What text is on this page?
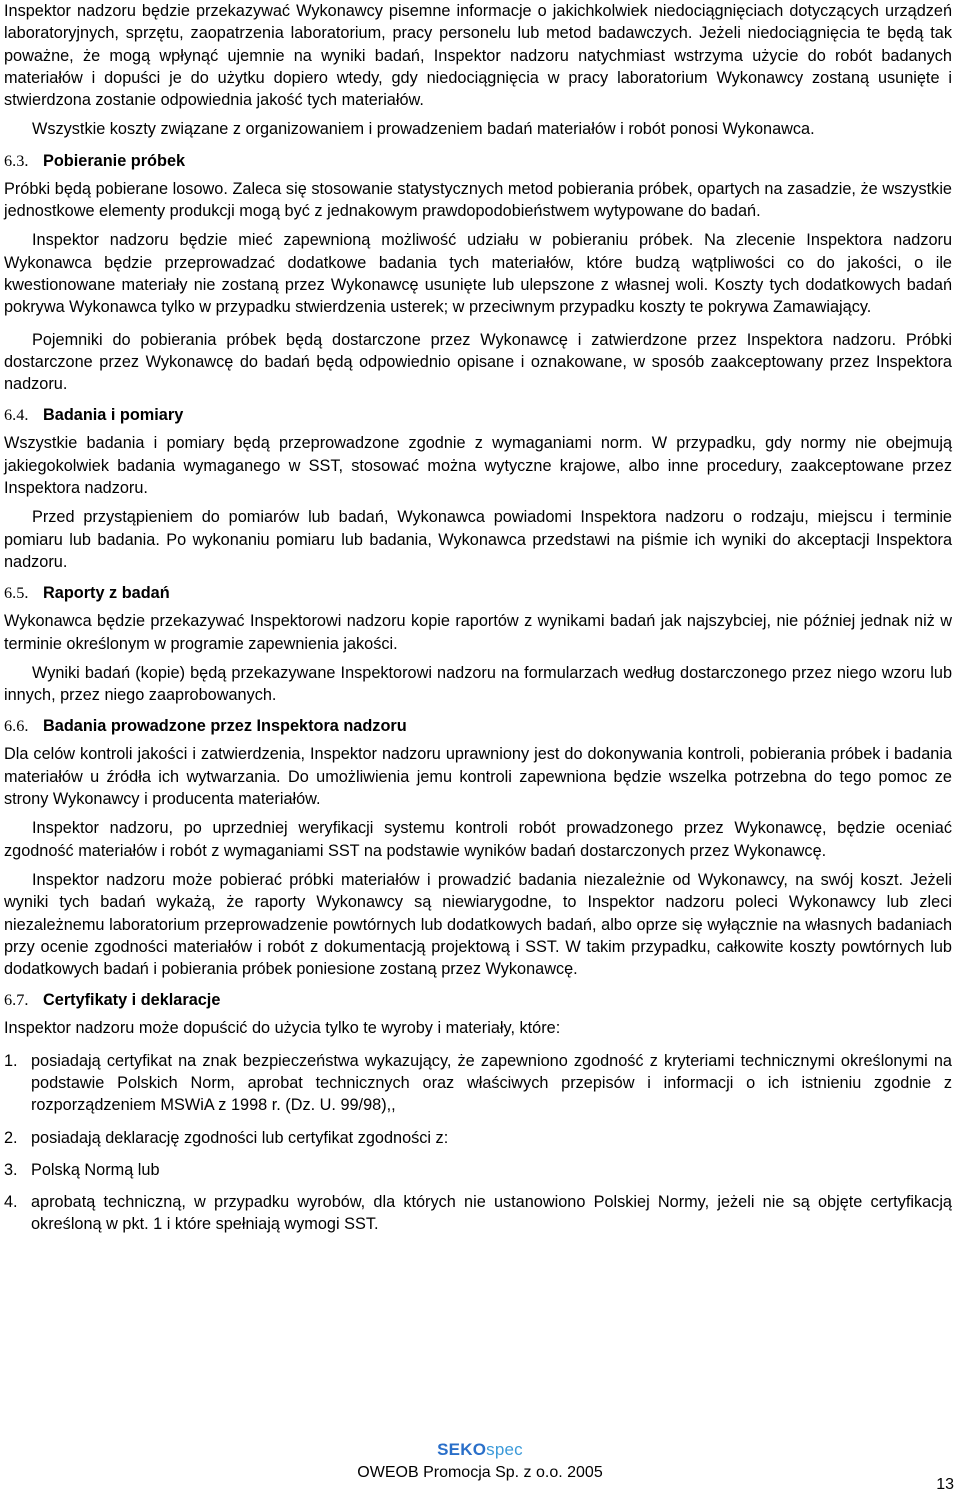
Inspektor nadzoru będzie przekazywać Wykonawcy pisemne informacje o jakichkolwiek niedociągnięciach dotyczących urządzeń laboratoryjnych, sprzętu, zaopatrzenia laboratorium, pracy personelu lub metod badawczych. Jeżeli niedociągnięcia te będą tak poważne, że mogą wpłynąć ujemnie na wyniki badań, Inspektor nadzoru natychmiast wstrzyma użycie do robót badanych materiałów i dopuści je do użytku dopiero wtedy, gdy niedociągnięcia w pracy laboratorium Wykonawcy zostaną usunięte i stwierdzona zostanie odpowiednia jakość tych materiałów.

Wszystkie koszty związane z organizowaniem i prowadzeniem badań materiałów i robót ponosi Wykonawca.

6.3. Pobieranie próbek

Próbki będą pobierane losowo. Zaleca się stosowanie statystycznych metod pobierania próbek, opartych na zasadzie, że wszystkie jednostkowe elementy produkcji mogą być z jednakowym prawdopodobieństwem wytypowane do badań.

Inspektor nadzoru będzie mieć zapewnioną możliwość udziału w pobieraniu próbek. Na zlecenie Inspektora nadzoru Wykonawca będzie przeprowadzać dodatkowe badania tych materiałów, które budzą wątpliwości co do jakości, o ile kwestionowane materiały nie zostaną przez Wykonawcę usunięte lub ulepszone z własnej woli. Koszty tych dodatkowych badań pokrywa Wykonawca tylko w przypadku stwierdzenia usterek; w przeciwnym przypadku koszty te pokrywa Zamawiający.

Pojemniki do pobierania próbek będą dostarczone przez Wykonawcę i zatwierdzone przez Inspektora nadzoru. Próbki dostarczone przez Wykonawcę do badań będą odpowiednio opisane i oznakowane, w sposób zaakceptowany przez Inspektora nadzoru.

6.4. Badania i pomiary

Wszystkie badania i pomiary będą przeprowadzone zgodnie z wymaganiami norm. W przypadku, gdy normy nie obejmują jakiegokolwiek badania wymaganego w SST, stosować można wytyczne krajowe, albo inne procedury, zaakceptowane przez Inspektora nadzoru.

Przed przystąpieniem do pomiarów lub badań, Wykonawca powiadomi Inspektora nadzoru o rodzaju, miejscu i terminie pomiaru lub badania. Po wykonaniu pomiaru lub badania, Wykonawca przedstawi na piśmie ich wyniki do akceptacji Inspektora nadzoru.

6.5. Raporty z badań

Wykonawca będzie przekazywać Inspektorowi nadzoru kopie raportów z wynikami badań jak najszybciej, nie później jednak niż w terminie określonym w programie zapewnienia jakości.

Wyniki badań (kopie) będą przekazywane Inspektorowi nadzoru na formularzach według dostarczonego przez niego wzoru lub innych, przez niego zaaprobowanych.

6.6. Badania prowadzone przez Inspektora nadzoru

Dla celów kontroli jakości i zatwierdzenia, Inspektor nadzoru uprawniony jest do dokonywania kontroli, pobierania próbek i badania materiałów u źródła ich wytwarzania. Do umożliwienia jemu kontroli zapewniona będzie wszelka potrzebna do tego pomoc ze strony Wykonawcy i producenta materiałów.

Inspektor nadzoru, po uprzedniej weryfikacji systemu kontroli robót prowadzonego przez Wykonawcę, będzie oceniać zgodność materiałów i robót z wymaganiami SST na podstawie wyników badań dostarczonych przez Wykonawcę.

Inspektor nadzoru może pobierać próbki materiałów i prowadzić badania niezależnie od Wykonawcy, na swój koszt. Jeżeli wyniki tych badań wykażą, że raporty Wykonawcy są niewiarygodne, to Inspektor nadzoru poleci Wykonawcy lub zleci niezależnemu laboratorium przeprowadzenie powtórnych lub dodatkowych badań, albo oprze się wyłącznie na własnych badaniach przy ocenie zgodności materiałów i robót z dokumentacją projektową i SST. W takim przypadku, całkowite koszty powtórnych lub dodatkowych badań i pobierania próbek poniesione zostaną przez Wykonawcę.

6.7. Certyfikaty i deklaracje

Inspektor nadzoru może dopuścić do użycia tylko te wyroby i materiały, które:

1. posiadają certyfikat na znak bezpieczeństwa wykazujący, że zapewniono zgodność z kryteriami technicznymi określonymi na podstawie Polskich Norm, aprobat technicznych oraz właściwych przepisów i informacji o ich istnieniu zgodnie z rozporządzeniem MSWiA z 1998 r. (Dz. U. 99/98),,
2. posiadają deklarację zgodności lub certyfikat zgodności z:
3. Polską Normą lub
4. aprobatą techniczną, w przypadku wyrobów, dla których nie ustanowiono Polskiej Normy, jeżeli nie są objęte certyfikacją określoną w pkt. 1 i które spełniają wymogi SST.
SEKOspec
OWEOB Promocja Sp. z o.o. 2005
13
